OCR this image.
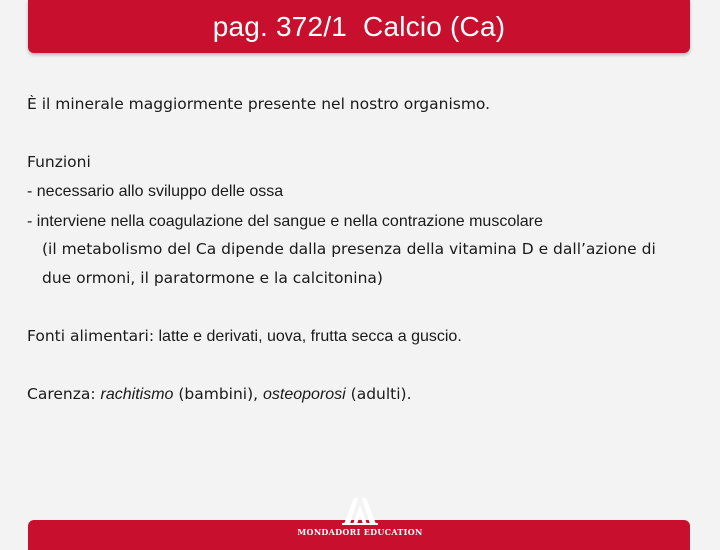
pag. 372/1  Calcio (Ca)
È il minerale maggiormente presente nel nostro organismo.
Funzioni
- necessario allo sviluppo delle ossa
- interviene nella coagulazione del sangue e nella contrazione muscolare
(il metabolismo del Ca dipende dalla presenza della vitamina D e dall’azione di
due ormoni, il paratormone e la calcitonina)
Fonti alimentari: latte e derivati, uova, frutta secca a guscio.
Carenza: rachitismo (bambini), osteoporosi (adulti).
MONDADORI EDUCATION
